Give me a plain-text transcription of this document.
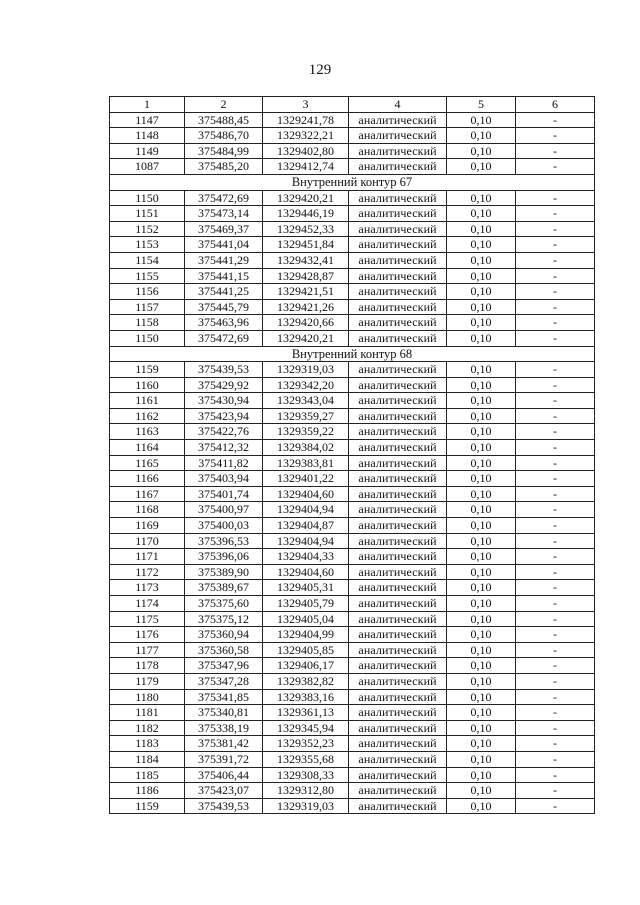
129
1	2	3	4	5	6
1147	375488,45	1329241,78	аналитический	0,10	-
1148	375486,70	1329322,21	аналитический	0,10	-
1149	375484,99	1329402,80	аналитический	0,10	-
1087	375485,20	1329412,74	аналитический	0,10	-
Внутренний контур 67					
1150	375472,69	1329420,21	аналитический	0,10	-
1151	375473,14	1329446,19	аналитический	0,10	-
1152	375469,37	1329452,33	аналитический	0,10	-
1153	375441,04	1329451,84	аналитический	0,10	-
1154	375441,29	1329432,41	аналитический	0,10	-
1155	375441,15	1329428,87	аналитический	0,10	-
1156	375441,25	1329421,51	аналитический	0,10	-
1157	375445,79	1329421,26	аналитический	0,10	-
1158	375463,96	1329420,66	аналитический	0,10	-
1150	375472,69	1329420,21	аналитический	0,10	-
Внутренний контур 68					
1159	375439,53	1329319,03	аналитический	0,10	-
1160	375429,92	1329342,20	аналитический	0,10	-
1161	375430,94	1329343,04	аналитический	0,10	-
1162	375423,94	1329359,27	аналитический	0,10	-
1163	375422,76	1329359,22	аналитический	0,10	-
1164	375412,32	1329384,02	аналитический	0,10	-
1165	375411,82	1329383,81	аналитический	0,10	-
1166	375403,94	1329401,22	аналитический	0,10	-
1167	375401,74	1329404,60	аналитический	0,10	-
1168	375400,97	1329404,94	аналитический	0,10	-
1169	375400,03	1329404,87	аналитический	0,10	-
1170	375396,53	1329404,94	аналитический	0,10	-
1171	375396,06	1329404,33	аналитический	0,10	-
1172	375389,90	1329404,60	аналитический	0,10	-
1173	375389,67	1329405,31	аналитический	0,10	-
1174	375375,60	1329405,79	аналитический	0,10	-
1175	375375,12	1329405,04	аналитический	0,10	-
1176	375360,94	1329404,99	аналитический	0,10	-
1177	375360,58	1329405,85	аналитический	0,10	-
1178	375347,96	1329406,17	аналитический	0,10	-
1179	375347,28	1329382,82	аналитический	0,10	-
1180	375341,85	1329383,16	аналитический	0,10	-
1181	375340,81	1329361,13	аналитический	0,10	-
1182	375338,19	1329345,94	аналитический	0,10	-
1183	375381,42	1329352,23	аналитический	0,10	-
1184	375391,72	1329355,68	аналитический	0,10	-
1185	375406,44	1329308,33	аналитический	0,10	-
1186	375423,07	1329312,80	аналитический	0,10	-
1159	375439,53	1329319,03	аналитический	0,10	-
